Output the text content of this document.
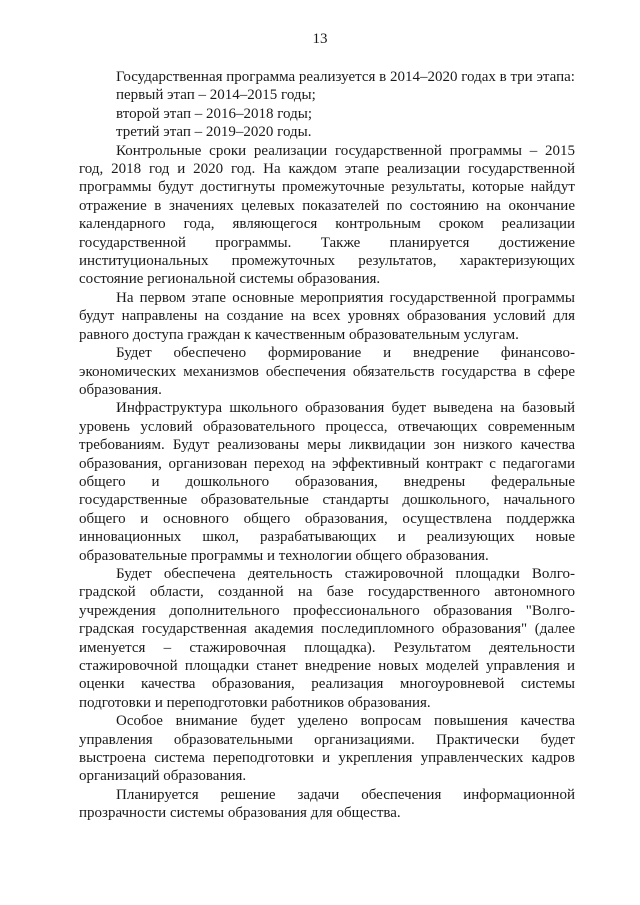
13

Государственная программа реализуется в 2014–2020 годах в три этапа:

первый этап – 2014–2015 годы;

второй этап – 2016–2018 годы;

третий этап – 2019–2020 годы.

Контрольные сроки реализации государственной программы – 2015 год, 2018 год и 2020 год. На каждом этапе реализации государственной программы будут достигнуты промежуточные результаты, которые найдут отражение в значениях целевых показателей по состоянию на окончание календарного года, являющегося контрольным сроком реализации государственной программы. Также планируется достижение институциональных промежуточных результатов, характеризующих состояние региональной системы образования.

На первом этапе основные мероприятия государственной программы будут направлены на создание на всех уровнях образования условий для равного доступа граждан к качественным образовательным услугам.

Будет обеспечено формирование и внедрение финансово-экономических механизмов обеспечения обязательств государства в сфере образования.

Инфраструктура школьного образования будет выведена на базовый уровень условий образовательного процесса, отвечающих современным требованиям. Будут реализованы меры ликвидации зон низкого качества образования, организован переход на эффективный контракт с педагогами общего и дошкольного образования, внедрены федеральные государственные образовательные стандарты дошкольного, начального общего и основного общего образования, осуществлена поддержка инновационных школ, разрабатывающих и реализующих новые образовательные программы и технологии общего образования.

Будет обеспечена деятельность стажировочной площадки Волгоградской области, созданной на базе государственного автономного учреждения дополнительного профессионального образования "Волгоградская государственная академия последипломного образования" (далее именуется – стажировочная площадка). Результатом деятельности стажировочной площадки станет внедрение новых моделей управления и оценки качества образования, реализация многоуровневой системы подготовки и переподготовки работников образования.

Особое внимание будет уделено вопросам повышения качества управления образовательными организациями. Практически будет выстроена система переподготовки и укрепления управленческих кадров организаций образования.

Планируется решение задачи обеспечения информационной прозрачности системы образования для общества.
